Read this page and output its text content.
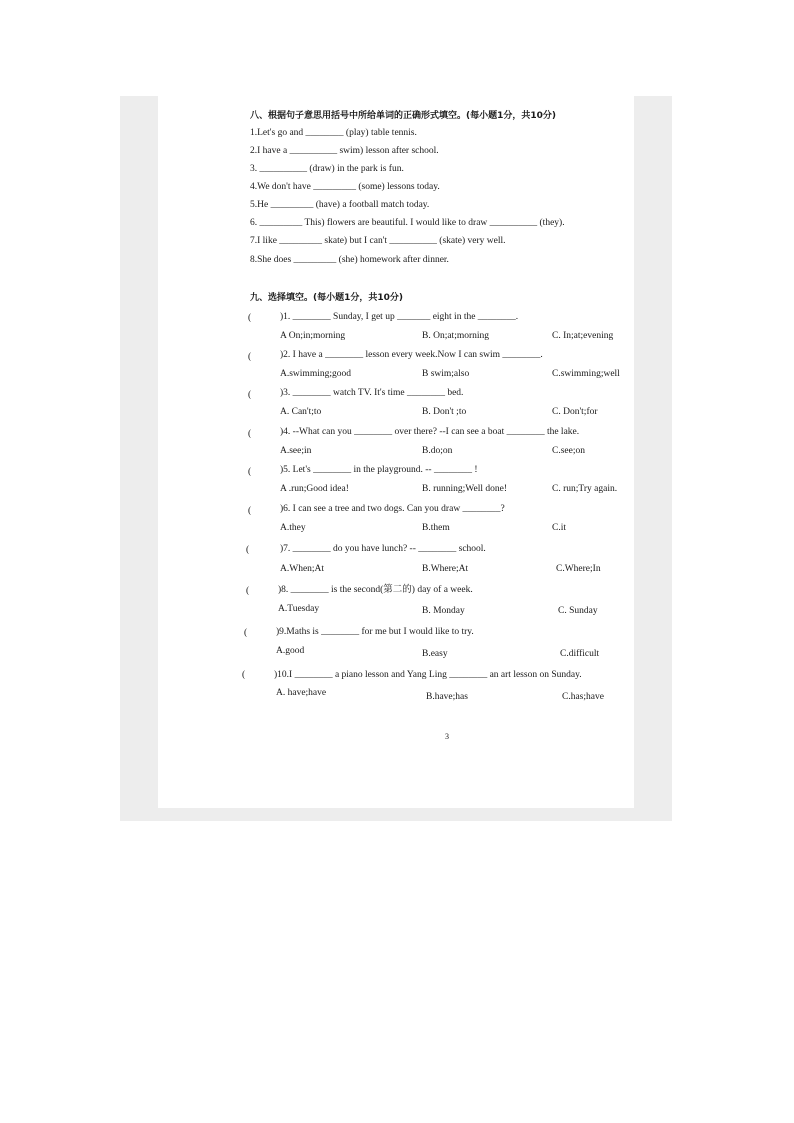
八、根据句子意思用括号中所给单词的正确形式填空。(每小题1分，共10分)
1.Let's go and ________ (play) table tennis.
2.I have a __________ swim) lesson after school.
3. __________ (draw) in the park is fun.
4.We don't have _________ (some) lessons today.
5.He _________ (have) a football match today.
6. _________ This) flowers are beautiful. I would like to draw __________ (they).
7.I like _________ skate) but I can't __________ (skate) very well.
8.She does _________ (she) homework after dinner.
九、选择填空。(每小题1分，共10分)
(	)1. ________ Sunday, I get up _______ eight in the ________.
A On;in;morning	B. On;at;morning	C. In;at;evening
(	)2. I have a ________ lesson every week.Now I can swim ________.
A.swimming;good	B swim;also	C.swimming;well
(	)3. ________ watch TV. It's time ________ bed.
A. Can't;to	B. Don't ;to	C. Don't;for
(	)4. --What can you ________ over there? --I can see a boat ________ the lake.
A.see;in	B.do;on	C.see;on
(	)5. Let's ________ in the playground. -- ________ !
A .run;Good idea!	B. running;Well done!	C. run;Try again.
(	)6. I can see a tree and two dogs. Can you draw ________?
A.they	B.them	C.it
(	)7. ________ do you have lunch? -- ________ school.
A.When;At	B.Where;At	C.Where;In
(	)8. ________ is the second(第二的) day of a week.
A.Tuesday	B. Monday	C. Sunday
(	)9.Maths is ________ for me but I would like to try.
A.good	B.easy	C.difficult
(	)10.I ________ a piano lesson and Yang Ling ________ an art lesson on Sunday.
A. have;have	B.have;has	C.has;have
3
